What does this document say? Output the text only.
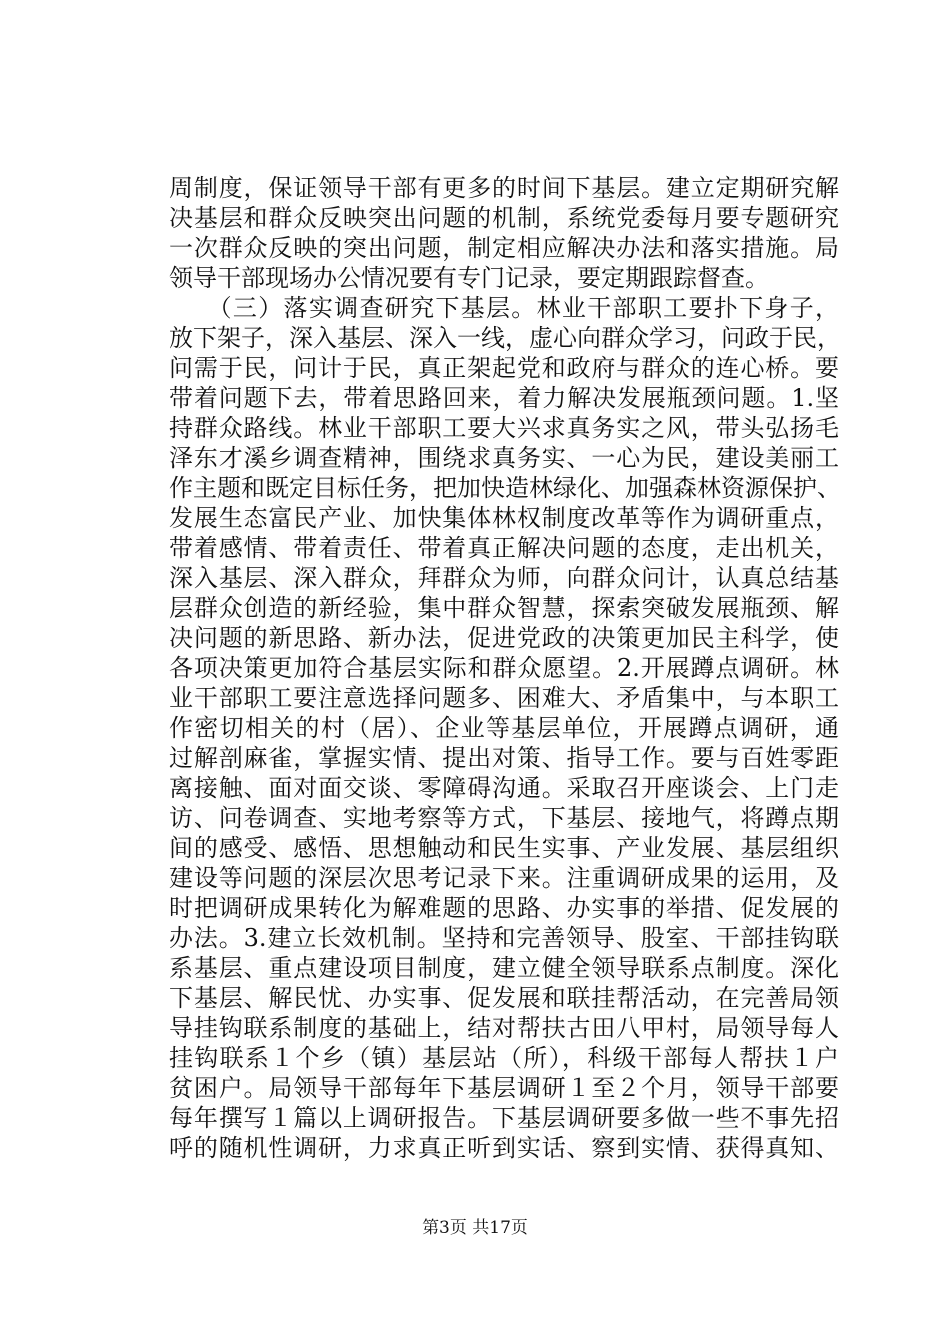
周制度，保证领导干部有更多的时间下基层。建立定期研究解
决基层和群众反映突出问题的机制，系统党委每月要专题研究
一次群众反映的突出问题，制定相应解决办法和落实措施。局
领导干部现场办公情况要有专门记录，要定期跟踪督查。
　　（三）落实调查研究下基层。林业干部职工要扑下身子，
放下架子，深入基层、深入一线，虚心向群众学习，问政于民，
问需于民，问计于民，真正架起党和政府与群众的连心桥。要
带着问题下去，带着思路回来，着力解决发展瓶颈问题。1.坚
持群众路线。林业干部职工要大兴求真务实之风，带头弘扬毛
泽东才溪乡调查精神，围绕求真务实、一心为民，建设美丽工
作主题和既定目标任务，把加快造林绿化、加强森林资源保护、
发展生态富民产业、加快集体林权制度改革等作为调研重点，
带着感情、带着责任、带着真正解决问题的态度，走出机关，
深入基层、深入群众，拜群众为师，向群众问计，认真总结基
层群众创造的新经验，集中群众智慧，探索突破发展瓶颈、解
决问题的新思路、新办法，促进党政的决策更加民主科学，使
各项决策更加符合基层实际和群众愿望。2.开展蹲点调研。林
业干部职工要注意选择问题多、困难大、矛盾集中，与本职工
作密切相关的村（居）、企业等基层单位，开展蹲点调研，通
过解剖麻雀，掌握实情、提出对策、指导工作。要与百姓零距
离接触、面对面交谈、零障碍沟通。采取召开座谈会、上门走
访、问卷调查、实地考察等方式，下基层、接地气，将蹲点期
间的感受、感悟、思想触动和民生实事、产业发展、基层组织
建设等问题的深层次思考记录下来。注重调研成果的运用，及
时把调研成果转化为解难题的思路、办实事的举措、促发展的
办法。3.建立长效机制。坚持和完善领导、股室、干部挂钩联
系基层、重点建设项目制度，建立健全领导联系点制度。深化
下基层、解民忧、办实事、促发展和联挂帮活动，在完善局领
导挂钩联系制度的基础上，结对帮扶古田八甲村，局领导每人
挂钩联系１个乡（镇）基层站（所），科级干部每人帮扶１户
贫困户。局领导干部每年下基层调研１至２个月，领导干部要
每年撰写１篇以上调研报告。下基层调研要多做一些不事先招
呼的随机性调研，力求真正听到实话、察到实情、获得真知、
第3页 共17页
